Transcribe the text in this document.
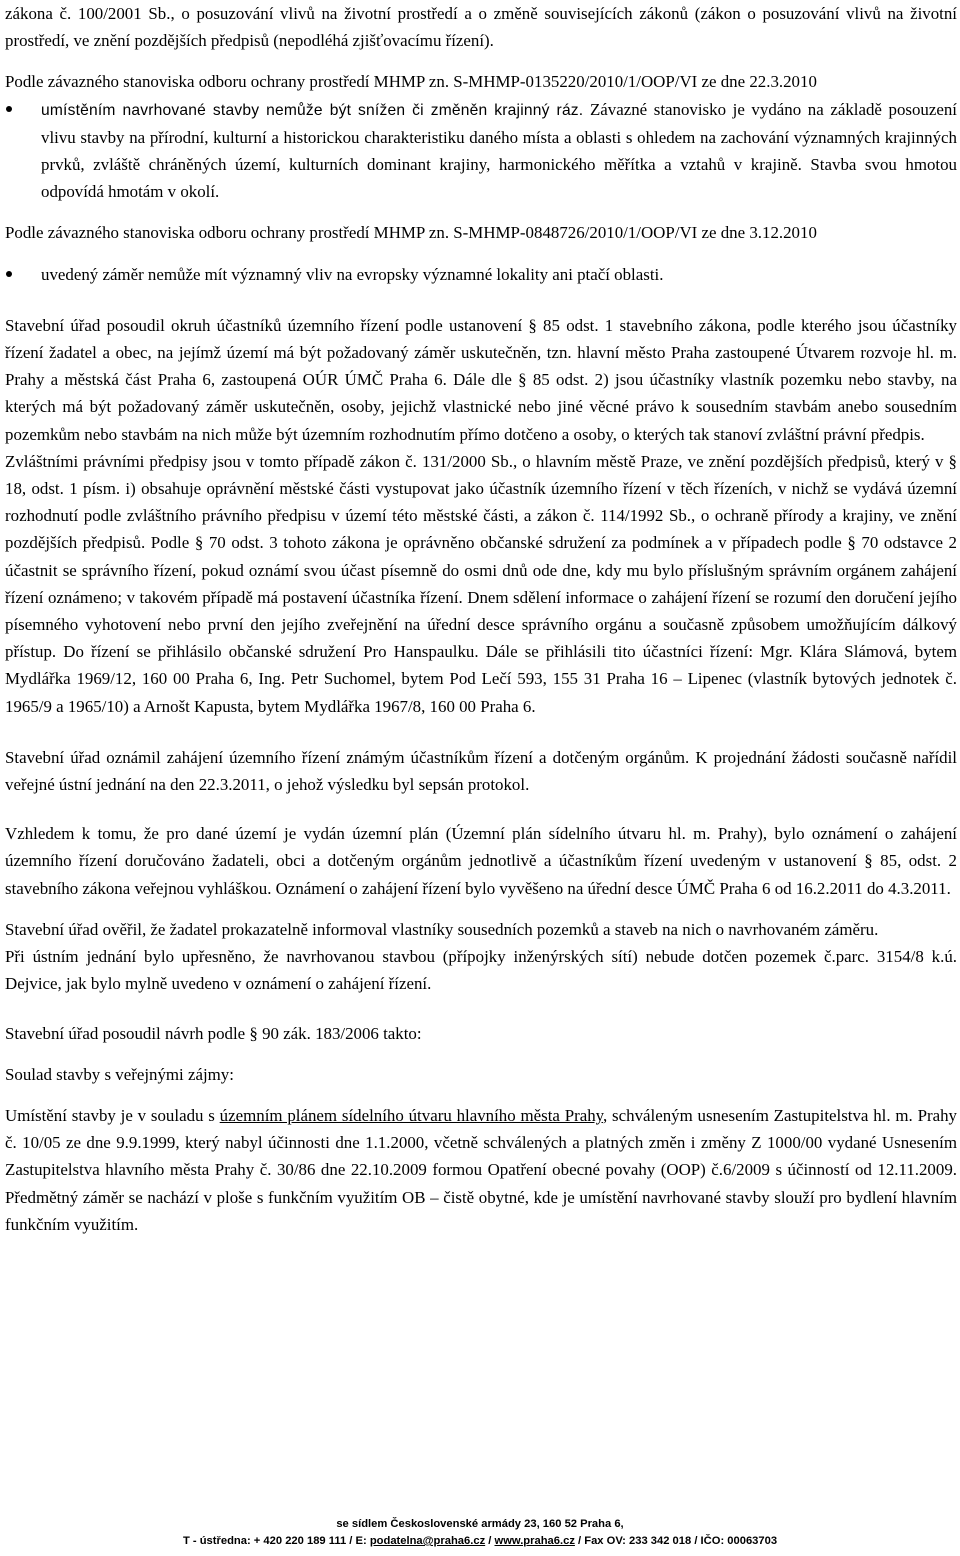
zákona č. 100/2001 Sb., o posuzování vlivů na životní prostředí a o změně souvisejících zákonů (zákon o posuzování vlivů na životní prostředí, ve znění pozdějších předpisů (nepodléhá zjišťovacímu řízení).

Podle závazného stanoviska odboru ochrany prostředí MHMP zn. S-MHMP-0135220/2010/1/OOP/VI ze dne 22.3.2010

umístěním navrhované stavby nemůže být snížen či změněn krajinný ráz. Závazné stanovisko je vydáno na základě posouzení vlivu stavby na přírodní, kulturní a historickou charakteristiku daného místa a oblasti s ohledem na zachování významných krajinných prvků, zvláště chráněných území, kulturních dominant krajiny, harmonického měřítka a vztahů v krajině. Stavba svou hmotou odpovídá hmotám v okolí.

Podle závazného stanoviska odboru ochrany prostředí MHMP zn. S-MHMP-0848726/2010/1/OOP/VI ze dne 3.12.2010

uvedený záměr nemůže mít významný vliv na evropsky významné lokality ani ptačí oblasti.

Stavební úřad posoudil okruh účastníků územního řízení podle ustanovení § 85 odst. 1 stavebního zákona, podle kterého jsou účastníky řízení žadatel a obec, na jejímž území má být požadovaný záměr uskutečněn, tzn. hlavní město Praha zastoupené Útvarem rozvoje hl. m. Prahy a městská část Praha 6, zastoupená OÚR ÚMČ Praha 6. Dále dle § 85 odst. 2) jsou účastníky vlastník pozemku nebo stavby, na kterých má být požadovaný záměr uskutečněn, osoby, jejichž vlastnické nebo jiné věcné právo k sousedním stavbám anebo sousedním pozemkům nebo stavbám na nich může být územním rozhodnutím přímo dotčeno a osoby, o kterých tak stanoví zvláštní právní předpis.

Zvláštními právními předpisy jsou v tomto případě zákon č. 131/2000 Sb., o hlavním městě Praze, ve znění pozdějších předpisů, který v § 18, odst. 1 písm. i) obsahuje oprávnění městské části vystupovat jako účastník územního řízení v těch řízeních, v nichž se vydává územní rozhodnutí podle zvláštního právního předpisu v území této městské části, a zákon č. 114/1992 Sb., o ochraně přírody a krajiny, ve znění pozdějších předpisů. Podle § 70 odst. 3 tohoto zákona je oprávněno občanské sdružení za podmínek a v případech podle § 70 odstavce 2 účastnit se správního řízení, pokud oznámí svou účast písemně do osmi dnů ode dne, kdy mu bylo příslušným správním orgánem zahájení řízení oznámeno; v takovém případě má postavení účastníka řízení. Dnem sdělení informace o zahájení řízení se rozumí den doručení jejího písemného vyhotovení nebo první den jejího zveřejnění na úřední desce správního orgánu a současně způsobem umožňujícím dálkový přístup. Do řízení se přihlásilo občanské sdružení Pro Hanspaulku. Dále se přihlásili tito účastníci řízení: Mgr. Klára Slámová, bytem Mydlářka 1969/12, 160 00 Praha 6, Ing. Petr Suchomel, bytem Pod Lečí 593, 155 31 Praha 16 – Lipenec (vlastník bytových jednotek č. 1965/9 a 1965/10) a Arnošt Kapusta, bytem Mydlářka 1967/8, 160 00 Praha 6.

Stavební úřad oznámil zahájení územního řízení známým účastníkům řízení a dotčeným orgánům. K projednání žádosti současně nařídil veřejné ústní jednání na den 22.3.2011, o jehož výsledku byl sepsán protokol.

Vzhledem k tomu, že pro dané území je vydán územní plán (Územní plán sídelního útvaru hl. m. Prahy), bylo oznámení o zahájení územního řízení doručováno žadateli, obci a dotčeným orgánům jednotlivě a účastníkům řízení uvedeným v ustanovení § 85, odst. 2 stavebního zákona veřejnou vyhláškou. Oznámení o zahájení řízení bylo vyvěšeno na úřední desce ÚMČ Praha 6 od 16.2.2011 do 4.3.2011.

Stavební úřad ověřil, že žadatel prokazatelně informoval vlastníky sousedních pozemků a staveb na nich o navrhovaném záměru.

Při ústním jednání bylo upřesněno, že navrhovanou stavbou (přípojky inženýrských sítí) nebude dotčen pozemek č.parc. 3154/8 k.ú. Dejvice, jak bylo mylně uvedeno v oznámení o zahájení řízení.

Stavební úřad posoudil návrh podle § 90 zák. 183/2006 takto:

Soulad stavby s veřejnými zájmy:

Umístění stavby je v souladu s územním plánem sídelního útvaru hlavního města Prahy, schváleným usnesením Zastupitelstva hl. m. Prahy č. 10/05 ze dne 9.9.1999, který nabyl účinnosti dne 1.1.2000, včetně schválených a platných změn i změny Z 1000/00 vydané Usnesením Zastupitelstva hlavního města Prahy č. 30/86 dne 22.10.2009 formou Opatření obecné povahy (OOP) č.6/2009 s účinností od 12.11.2009. Předmětný záměr se nachází v ploše s funkčním využitím OB – čistě obytné, kde je umístění navrhované stavby slouží pro bydlení hlavním funkčním využitím.

se sídlem Československé armády 23, 160 52 Praha 6,
T - ústředna: + 420 220 189 111 / E: podatelna@praha6.cz / www.praha6.cz / Fax OV: 233 342 018 / IČO: 00063703
